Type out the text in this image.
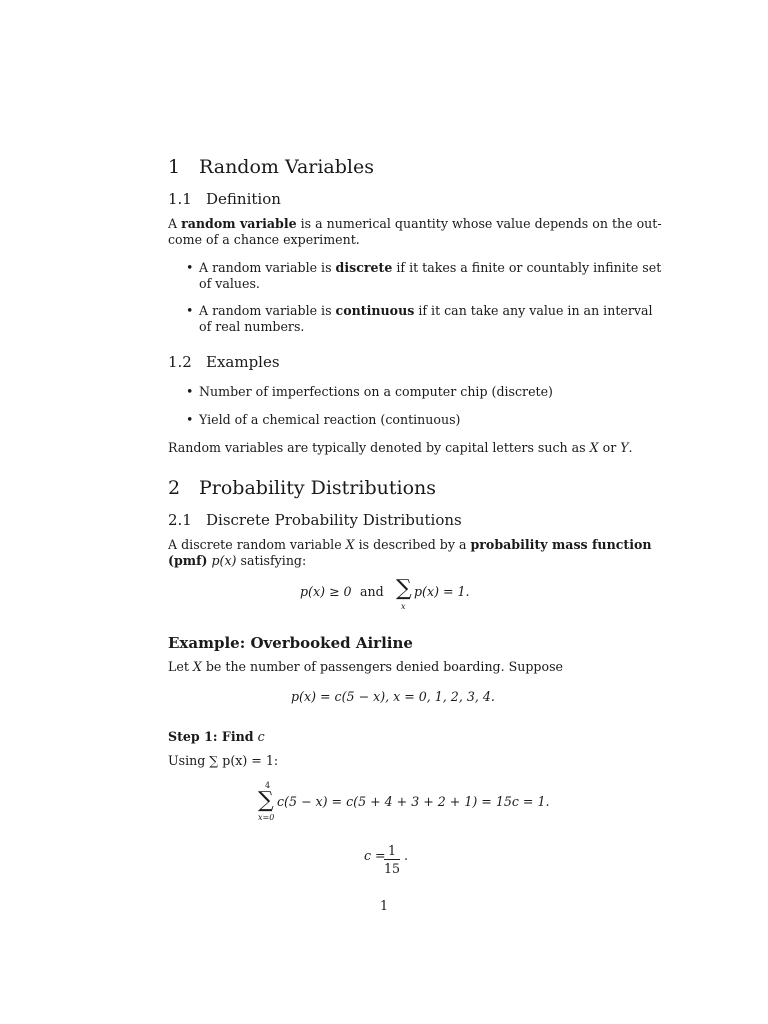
1 Random Variables
1.1 Definition
A random variable is a numerical quantity whose value depends on the out-
come of a chance experiment.
• A random variable is discrete if it takes a finite or countably infinite set
of values.
• A random variable is continuous if it can take any value in an interval
of real numbers.
1.2 Examples
• Number of imperfections on a computer chip (discrete)
• Yield of a chemical reaction (continuous)
Random variables are typically denoted by capital letters such as X or Y.
2 Probability Distributions
2.1 Discrete Probability Distributions
A discrete random variable X is described by a probability mass function
(pmf) p(x) satisfying:
p(x) ≥ 0 and ∑
x
p(x) = 1.
Example: Overbooked Airline
Let X be the number of passengers denied boarding. Suppose
p(x) = c(5 − x), x = 0, 1, 2, 3, 4.
Step 1: Find c
Using ∑ p(x) = 1:
4
∑
x=0
c(5 − x) = c(5 + 4 + 3 + 2 + 1) = 15c = 1.
c =
$\frac{1}{15}$ .
1
